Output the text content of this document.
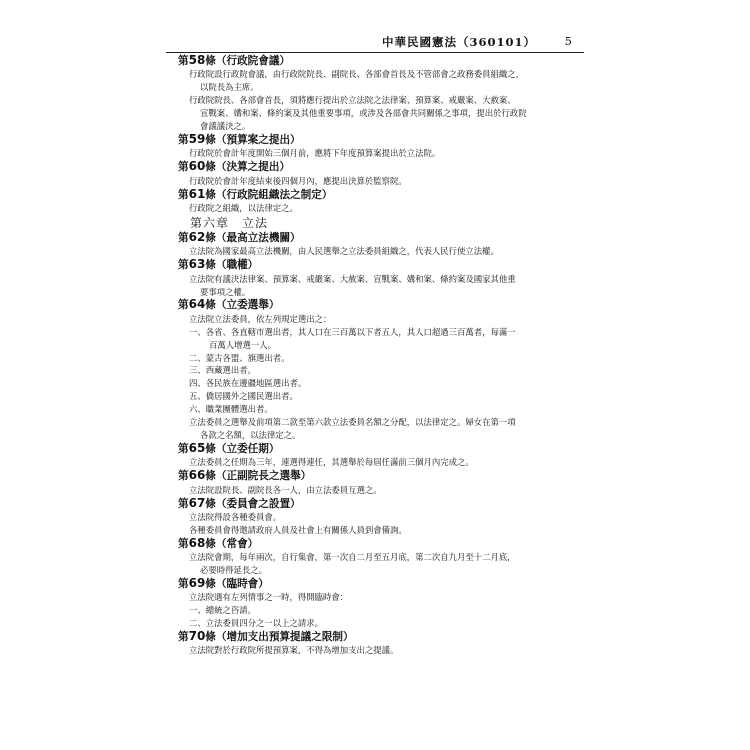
中華民國憲法（360101） 5
第58條（行政院會議）
行政院設行政院會議，由行政院院長、副院長、各部會首長及不管部會之政務委員組織之，
以院長為主席。
行政院院長、各部會首長，須將應行提出於立法院之法律案、預算案、戒嚴案、大赦案、
宣戰案、媾和案、條約案及其他重要事項，或涉及各部會共同關係之事項，提出於行政院
會議議決之。
第59條（預算案之提出）
行政院於會計年度開始三個月前，應將下年度預算案提出於立法院。
第60條（決算之提出）
行政院於會計年度結束後四個月內，應提出決算於監察院。
第61條（行政院組織法之制定）
行政院之組織，以法律定之。
第六章　立法
第62條（最高立法機關）
立法院為國家最高立法機關，由人民選舉之立法委員組織之，代表人民行使立法權。
第63條（職權）
立法院有議決法律案、預算案、戒嚴案、大赦案、宣戰案、媾和案、條約案及國家其他重
要事項之權。
第64條（立委選舉）
立法院立法委員，依左列規定選出之：
一、各省、各直轄市選出者，其人口在三百萬以下者五人，其人口超過三百萬者，每滿一
百萬人增選一人。
二、蒙古各盟、旗選出者。
三、西藏選出者。
四、各民族在邊疆地區選出者。
五、僑居國外之國民選出者。
六、職業團體選出者。
立法委員之選舉及前項第二款至第六款立法委員名額之分配，以法律定之。婦女在第一項
各款之名額，以法律定之。
第65條（立委任期）
立法委員之任期為三年，連選得連任，其選舉於每屆任滿前三個月內完成之。
第66條（正副院長之選舉）
立法院設院長、副院長各一人，由立法委員互選之。
第67條（委員會之設置）
立法院得設各種委員會。
各種委員會得邀請政府人員及社會上有關係人員到會備詢。
第68條（常會）
立法院會期，每年兩次，自行集會，第一次自二月至五月底，第二次自九月至十二月底，
必要時得延長之。
第69條（臨時會）
立法院遇有左列情事之一時，得開臨時會：
一、總統之咨請。
二、立法委員四分之一以上之請求。
第70條（增加支出預算提議之限制）
立法院對於行政院所提預算案，不得為增加支出之提議。
